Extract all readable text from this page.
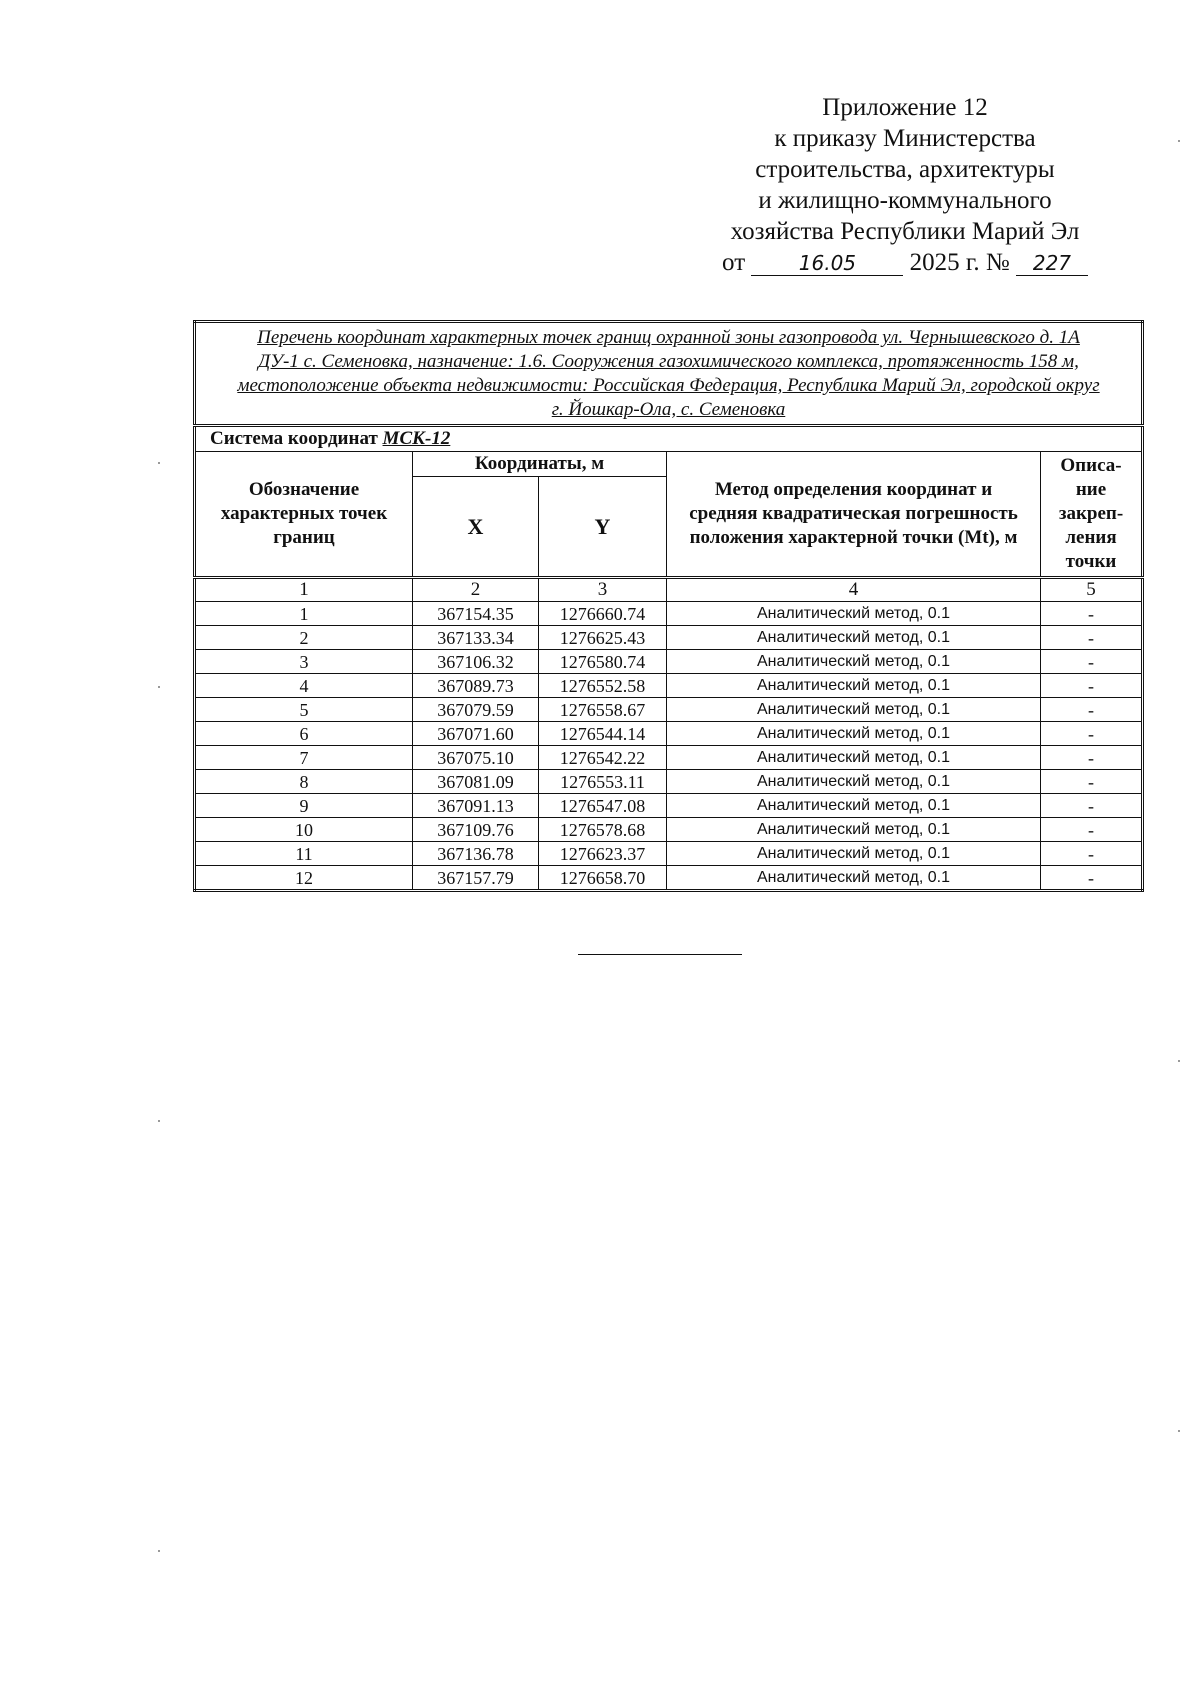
Приложение 12
к приказу Министерства
строительства, архитектуры
и жилищно-коммунального
хозяйства Республики Марий Эл
от	16.05 2025 г. № 227
Перечень координат характерных точек границ охранной зоны газопровода ул. Чернышевского д. 1А ДУ-1 с. Семеновка, назначение: 1.6. Сооружения газохимического комплекса, протяженность 158 м, местоположение объекта недвижимости: Российская Федерация, Республика Марий Эл, городской округ г. Йошкар-Ола, с. Семеновка				
Система координат МСК-12				
Обозначение характерных точек границ	Координаты, м		Метод определения координат и средняя квадратическая погрешность положения характерной точки (Mt), м	Описа-ние закреп-ления точки
	X	Y		
1	2	3	4	5
1	367154.35	1276660.74	Аналитический метод, 0.1	-
2	367133.34	1276625.43	Аналитический метод, 0.1	-
3	367106.32	1276580.74	Аналитический метод, 0.1	-
4	367089.73	1276552.58	Аналитический метод, 0.1	-
5	367079.59	1276558.67	Аналитический метод, 0.1	-
6	367071.60	1276544.14	Аналитический метод, 0.1	-
7	367075.10	1276542.22	Аналитический метод, 0.1	-
8	367081.09	1276553.11	Аналитический метод, 0.1	-
9	367091.13	1276547.08	Аналитический метод, 0.1	-
10	367109.76	1276578.68	Аналитический метод, 0.1	-
11	367136.78	1276623.37	Аналитический метод, 0.1	-
12	367157.79	1276658.70	Аналитический метод, 0.1	-
